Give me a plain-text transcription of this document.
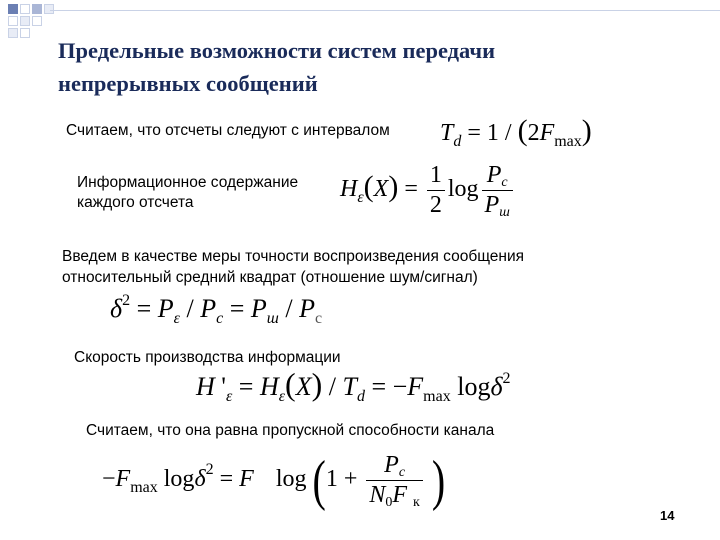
Предельные возможности систем передачи
непрерывных сообщений
Считаем, что отсчеты следуют с интервалом $T_d = 1 / (2F_{max})$
Информационное содержание
каждого отсчета
$H_\varepsilon(X) = \frac{1}{2}$ $\log \frac{Pc}{Pш}$
Введем в качестве меры точности воспроизведения сообщения
относительный средний квадрат (отношение шум/сигнал)
$\delta^2 = P_\varepsilon / P_c = P_ш / P_c$
Скорость производства информации
H '$_\varepsilon = H_\varepsilon(X) / T_d = -F_{max}$ logδ$^2$
Считаем, что она равна пропускной способности канала
$-F_{max}$ logδ$^2$ = F $\log (1 + \frac{Pc}{\text{N0F к}}$ )
14
